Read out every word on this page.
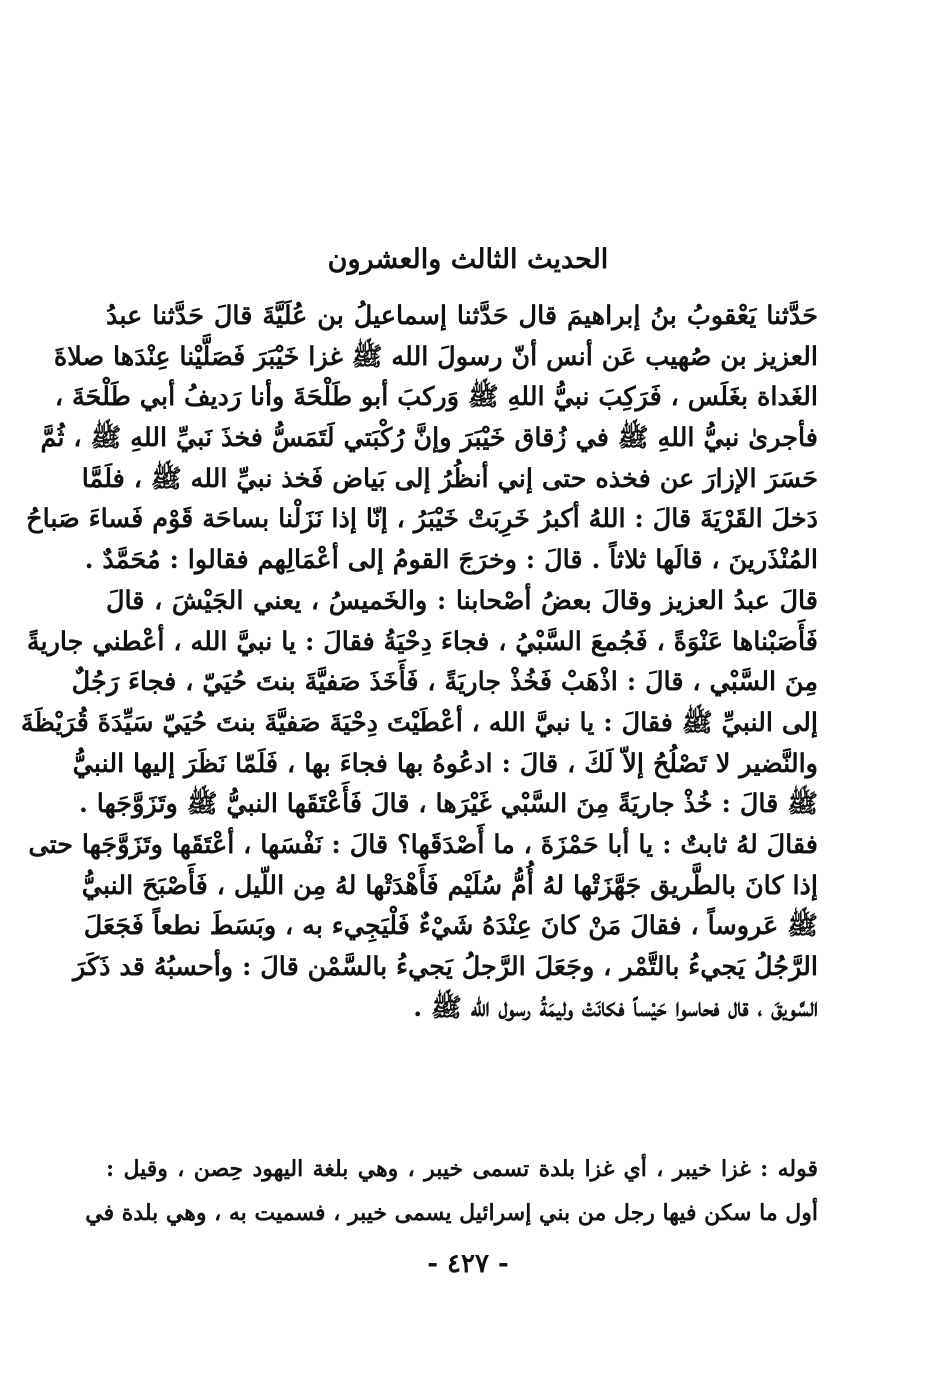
الحديث الثالث والعشرون
حَدَّثنا يَعْقوبُ بنُ إبراهيمَ قال حَدَّثنا إسماعيلُ بن عُلَيَّةَ قالَ حَدَّثنا عبدُ
العزيز بن صُهيب عَن أنس أنّ رسولَ الله ﷺ غزا خَيْبَرَ فَصَلَّيْنا عِنْدَها صلاةَ
الغَداة بغَلَس ، فَرَكِبَ نبيُّ اللهِ ﷺ وَركبَ أبو طَلْحَةَ وأنا رَديفُ أبي طَلْحَةَ ،
فأجرىٰ نبيُّ اللهِ ﷺ في زُقاق خَيْبَرَ وإنَّ رُكْبَتي لَتَمَسُّ فخذَ نَبيِّ اللهِ ﷺ ، ثُمَّ
حَسَرَ الإزارَ عن فخذه حتى إني أنظُرُ إلى بَياض فَخذ نبيِّ الله ﷺ ، فلَمَّا
دَخلَ القَرْيَةَ قالَ : اللهُ أكبرُ خَرِبَتْ خَيْبَرُ ، إنّا إذا نَزَلْنا بساحَة قَوْم فَساءَ صَباحُ
المُنْذَرينَ ، قالَها ثلاثاً . قالَ : وخرَجَ القومُ إلى أعْمَالِهم فقالوا : مُحَمَّدٌ .
قالَ عبدُ العزيز وقالَ بعضُ أصْحابنا : والخَميسُ ، يعني الجَيْشَ ، قالَ
فَأَصَبْناها عَنْوَةً ، فَجُمعَ السَّبْيُ ، فجاءَ دِحْيَةُ فقالَ : يا نبيَّ الله ، أعْطني جاريةً
مِنَ السَّبْي ، قالَ : اذْهَبْ فَخُذْ جاريَةً ، فَأَخَذَ صَفيَّةَ بنتَ حُيَيّ ، فجاءَ رَجُلٌ
إلى النبيِّ ﷺ فقالَ : يا نبيَّ الله ، أعْطَيْتَ دِحْيَةَ صَفيَّةَ بنتَ حُيَيّ سَيِّدَةَ قُرَيْظَةَ
والنَّضير لا تَصْلُحُ إلاّ لَكَ ، قالَ : ادعُوهُ بها فجاءَ بها ، فَلَمّا نَظَرَ إليها النبيُّ
ﷺ قالَ : خُذْ جاريَةً مِنَ السَّبْي غَيْرَها ، قالَ فَأَعْتَقَها النبيُّ ﷺ وتَزَوَّجَها .
فقالَ لهُ ثابتٌ : يا أبا حَمْزَةَ ، ما أَصْدَقَها؟ قالَ : نَفْسَها ، أعْتَقَها وتَزَوَّجَها حتى
إذا كانَ بالطَّريق جَهَّزَتْها لهُ أُمُّ سُلَيْم فَأَهْدَتْها لهُ مِن اللّيل ، فَأَصْبَحَ النبيُّ
ﷺ عَروساً ، فقالَ مَنْ كانَ عِنْدَهُ شَيْءٌ فَلْيَجِيء به ، وبَسَطَ نطعاً فَجَعَلَ
الرَّجُلُ يَجيءُ بالتَّمْر ، وجَعَلَ الرَّجلُ يَجيءُ بالسَّمْن قالَ : وأحسبُهُ قد ذَكَرَ
السَّويقَ ، قال فحاسوا حَيْساً فكانَتْ وليمَةُ رسول الله ﷺ .
قوله : غزا خيبر ، أي غزا بلدة تسمى خيبر ، وهي بلغة اليهود حِصن ، وقيل :
أول ما سكن فيها رجل من بني إسرائيل يسمى خيبر ، فسميت به ، وهي بلدة في
- ٤٢٧ -
